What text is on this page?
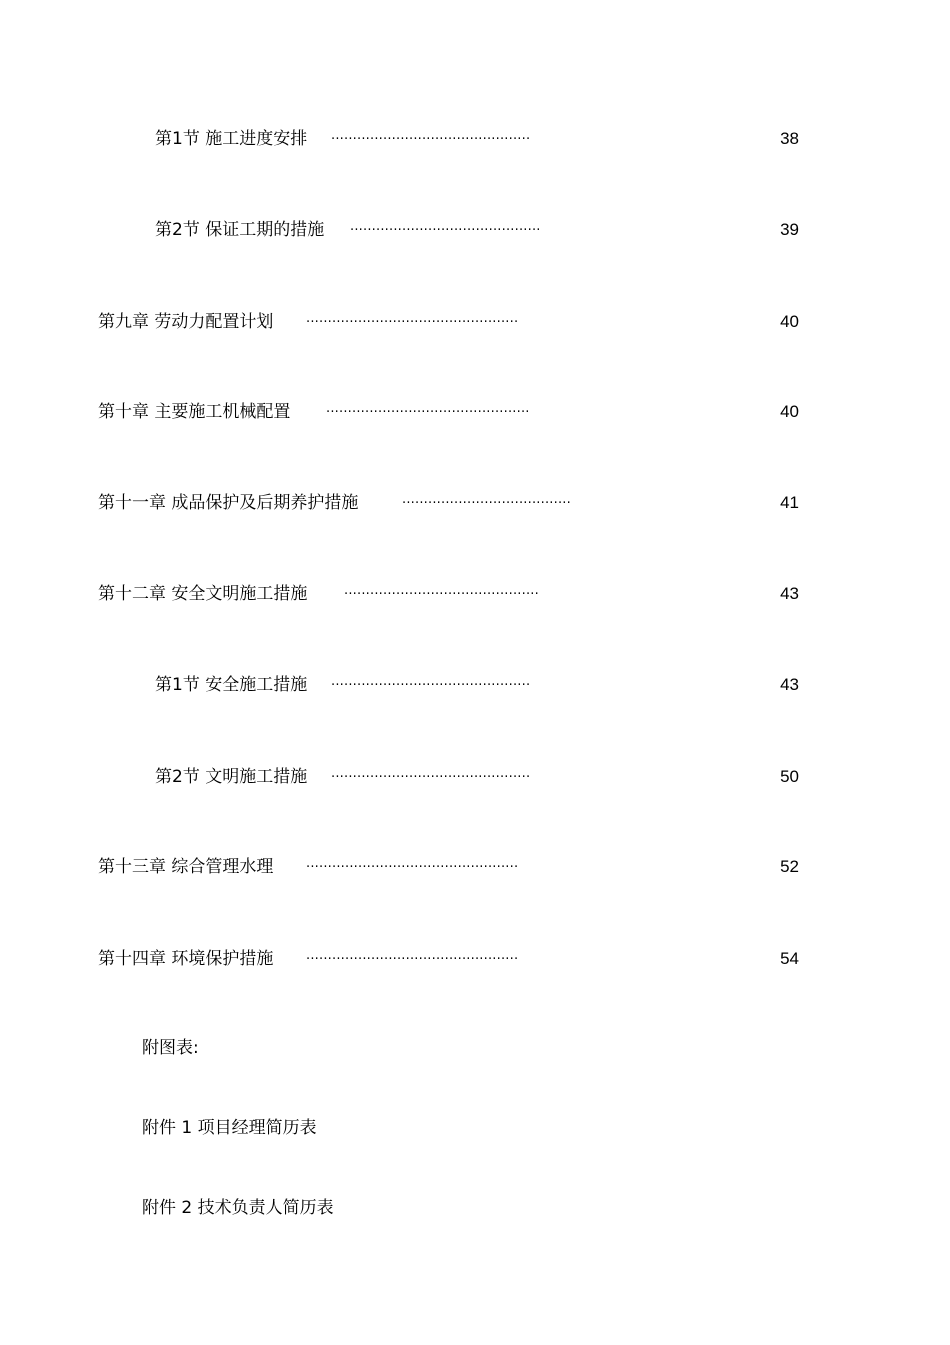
第1节 施工进度安排 ..............................................	38
第2节 保证工期的措施 ............................................	39
第九章 劳动力配置计划	.................................................	40
第十章 主要施工机械配置	...............................................	40
第十一章 成品保护及后期养护措施	.......................................	41
第十二章 安全文明施工措施	.............................................	43
第1节 安全施工措施 ..............................................	43
第2节 文明施工措施 ..............................................	50
第十三章 综合管理水理	.................................................	52
第十四章 环境保护措施	.................................................	54
附图表:
附件 1 项目经理简历表
附件 2 技术负责人简历表
